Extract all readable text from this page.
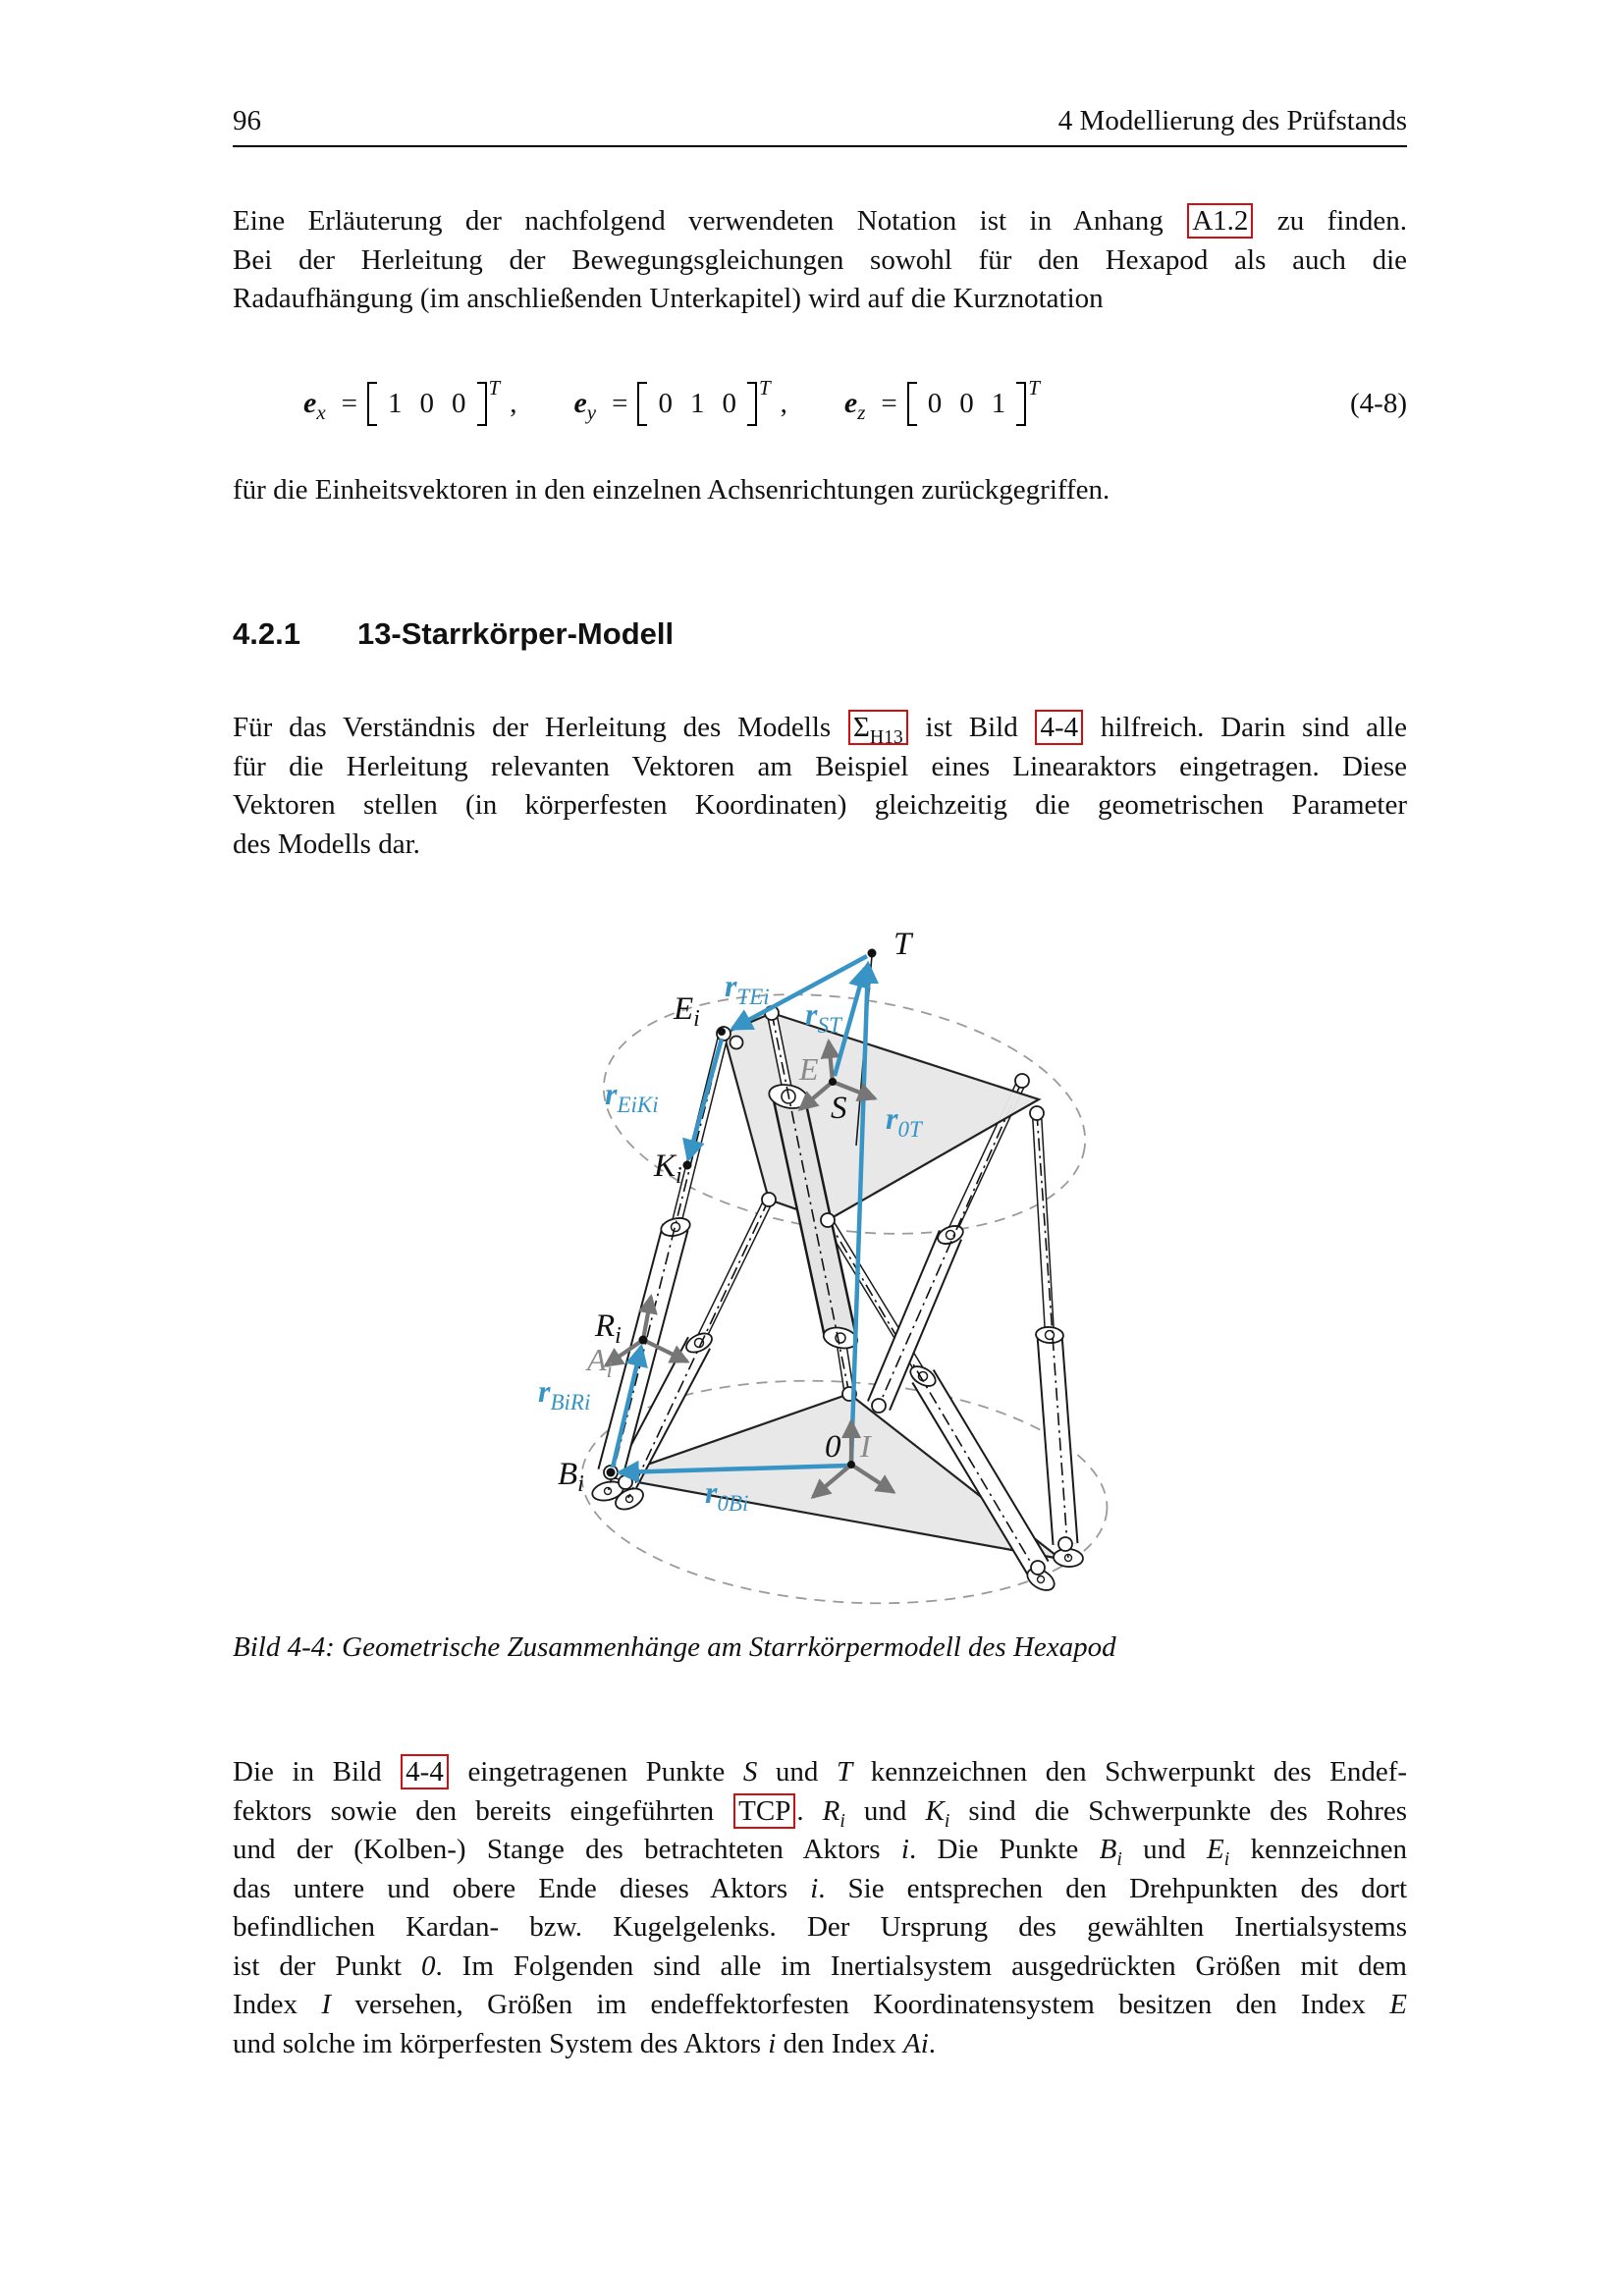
96	4 Modellierung des Prüfstands
Eine Erläuterung der nachfolgend verwendeten Notation ist in Anhang A1.2 zu finden.
Bei der Herleitung der Bewegungsgleichungen sowohl für den Hexapod als auch die
Radaufhängung (im anschließenden Unterkapitel) wird auf die Kurznotation
e x =	1 0 0	T , e y =	0 1 0	T , e z =	0 0 1	T	(4-8)
für die Einheitsvektoren in den einzelnen Achsenrichtungen zurückgegriffen.
4.2.1 13-Starrkörper-Modell
Für das Verständnis der Herleitung des Modells $\Sigma_{H13}$ ist Bild 4-4 hilfreich. Darin sind alle
für die Herleitung relevanten Vektoren am Beispiel eines Linearaktors eingetragen. Diese
Vektoren stellen (in körperfesten Koordinaten) gleichzeitig die geometrischen Parameter
des Modells dar.
T
$E_i$
E
S
$K_i$
$R_i$
$A_i$
$B_i$
0 I
$r_{TEi}$ $r_{ST}$
$r_{0T}$
$r_{EiKi}$
$r_{BiRi}$
$r_{0Bi}$
Bild 4-4: Geometrische Zusammenhänge am Starrkörpermodell des Hexapod
Die in Bild 4-4 eingetragenen Punkte S und T kennzeichnen den Schwerpunkt des Endef-
fektors sowie den bereits eingeführten TCP . $R_i$ und $K_i$ sind die Schwerpunkte des Rohres
und der (Kolben-) Stange des betrachteten Aktors i. Die Punkte $B_i$ und $E_i$ kennzeichnen
das untere und obere Ende dieses Aktors i. Sie entsprechen den Drehpunkten des dort
befindlichen Kardan- bzw. Kugelgelenks. Der Ursprung des gewählten Inertialsystems
ist der Punkt 0. Im Folgenden sind alle im Inertialsystem ausgedrückten Größen mit dem
Index I versehen, Größen im endeffektorfesten Koordinatensystem besitzen den Index E
und solche im körperfesten System des Aktors i den Index Ai.
